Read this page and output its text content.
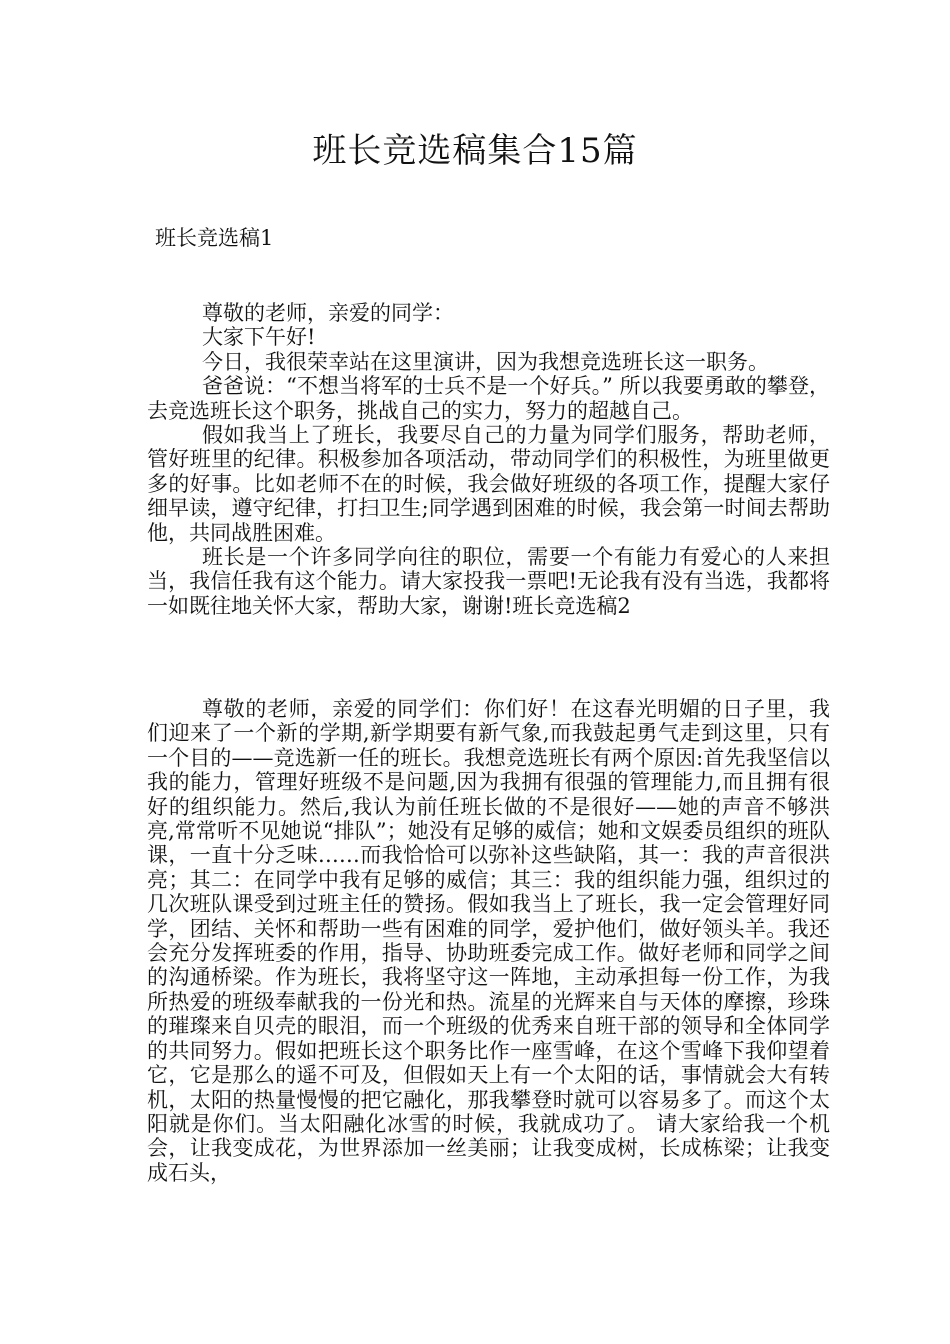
班长竞选稿集合15篇
班长竞选稿1

尊敬的老师，亲爱的同学：

大家下午好!

今日，我很荣幸站在这里演讲，因为我想竞选班长这一职务。

爸爸说：“不想当将军的士兵不是一个好兵。” 所以我要勇敢的攀登，去竞选班长这个职务，挑战自己的实力，努力的超越自己。

假如我当上了班长，我要尽自己的力量为同学们服务，帮助老师，管好班里的纪律。积极参加各项活动，带动同学们的积极性，为班里做更多的好事。比如老师不在的时候，我会做好班级的各项工作，提醒大家仔细早读，遵守纪律，打扫卫生;同学遇到困难的时候，我会第一时间去帮助他，共同战胜困难。

班长是一个许多同学向往的职位，需要一个有能力有爱心的人来担当，我信任我有这个能力。请大家投我一票吧!无论我有没有当选，我都将一如既往地关怀大家，帮助大家，谢谢!班长竞选稿2

尊敬的老师，亲爱的同学们：你们好！在这春光明媚的日子里，我们迎来了一个新的学期,新学期要有新气象,而我鼓起勇气走到这里，只有一个目的——竞选新一任的班长。我想竞选班长有两个原因:首先我坚信以我的能力，管理好班级不是问题,因为我拥有很强的管理能力,而且拥有很好的组织能力。然后,我认为前任班长做的不是很好——她的声音不够洪亮,常常听不见她说“排队”；她没有足够的威信；她和文娱委员组织的班队课，一直十分乏味……而我恰恰可以弥补这些缺陷，其一：我的声音很洪亮；其二：在同学中我有足够的威信；其三：我的组织能力强，组织过的几次班队课受到过班主任的赞扬。假如我当上了班长，我一定会管理好同学，团结、关怀和帮助一些有困难的同学，爱护他们，做好领头羊。我还会充分发挥班委的作用，指导、协助班委完成工作。做好老师和同学之间的沟通桥梁。作为班长，我将坚守这一阵地，主动承担每一份工作，为我所热爱的班级奉献我的一份光和热。流星的光辉来自与天体的摩擦，珍珠的璀璨来自贝壳的眼泪，而一个班级的优秀来自班干部的领导和全体同学的共同努力。假如把班长这个职务比作一座雪峰，在这个雪峰下我仰望着它，它是那么的遥不可及，但假如天上有一个太阳的话，事情就会大有转机，太阳的热量慢慢的把它融化，那我攀登时就可以容易多了。而这个太阳就是你们。当太阳融化冰雪的时候，我就成功了。 请大家给我一个机会，让我变成花，为世界添加一丝美丽；让我变成树，长成栋梁；让我变成石头，
